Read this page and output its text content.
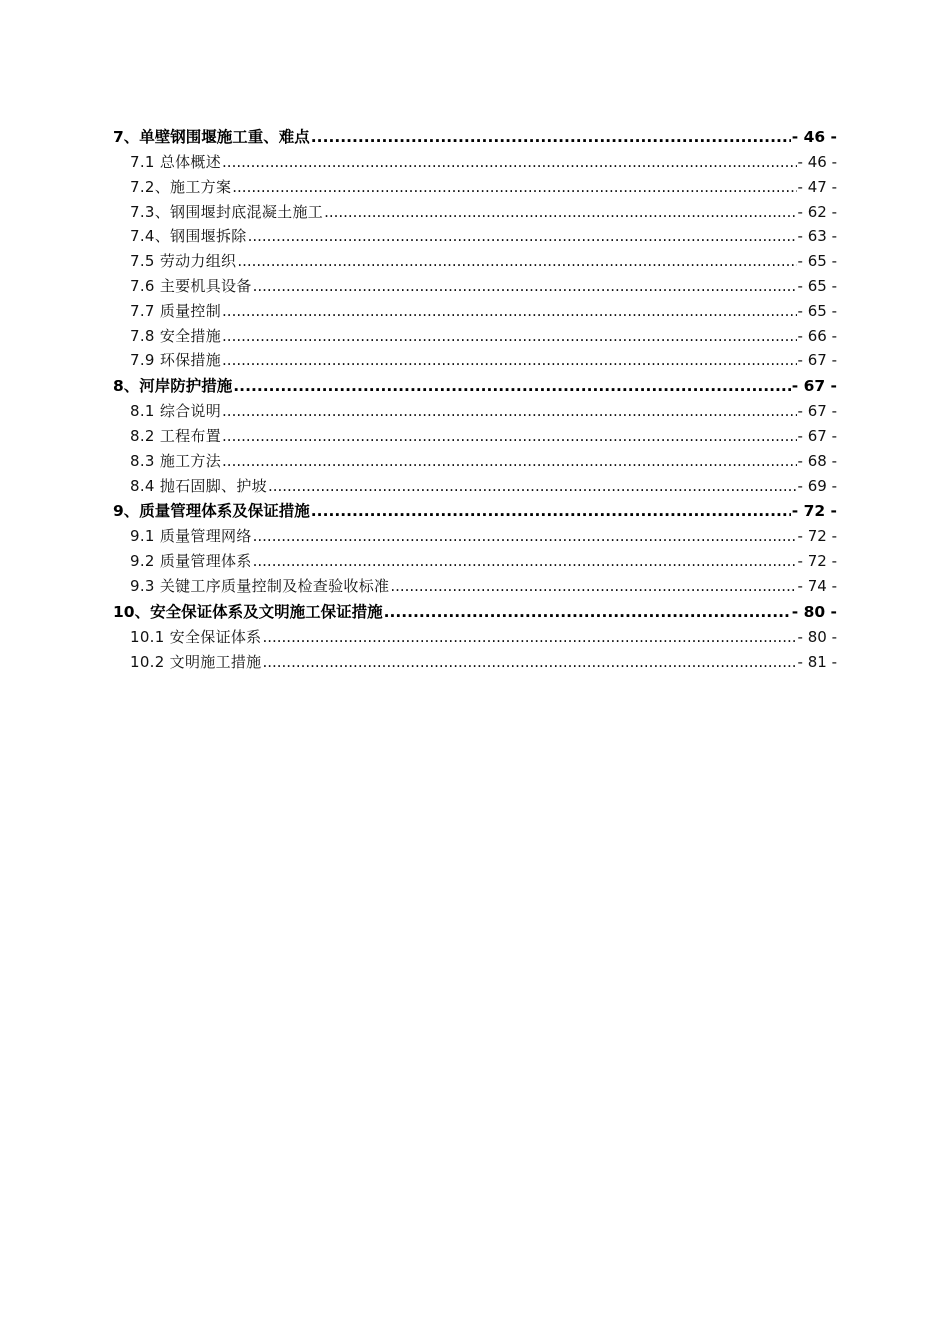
7、单壁钢围堰施工重、难点 .....	- 46 -
7.1 总体概述 .....	- 46 -
7.2、施工方案 .....	- 47 -
7.3、钢围堰封底混凝土施工 .....	- 62 -
7.4、钢围堰拆除 .....	- 63 -
7.5 劳动力组织 .....	- 65 -
7.6 主要机具设备 .....	- 65 -
7.7 质量控制 .....	- 65 -
7.8 安全措施 .....	- 66 -
7.9 环保措施 .....	- 67 -
8、河岸防护措施 .....	- 67 -
8.1 综合说明 .....	- 67 -
8.2 工程布置 .....	- 67 -
8.3 施工方法 .....	- 68 -
8.4 抛石固脚、护坡 .....	- 69 -
9、质量管理体系及保证措施 .....	- 72 -
9.1 质量管理网络 .....	- 72 -
9.2 质量管理体系 .....	- 72 -
9.3 关键工序质量控制及检查验收标准 .....	- 74 -
10、安全保证体系及文明施工保证措施 .....	- 80 -
10.1 安全保证体系 .....	- 80 -
10.2 文明施工措施 .....	- 81 -
